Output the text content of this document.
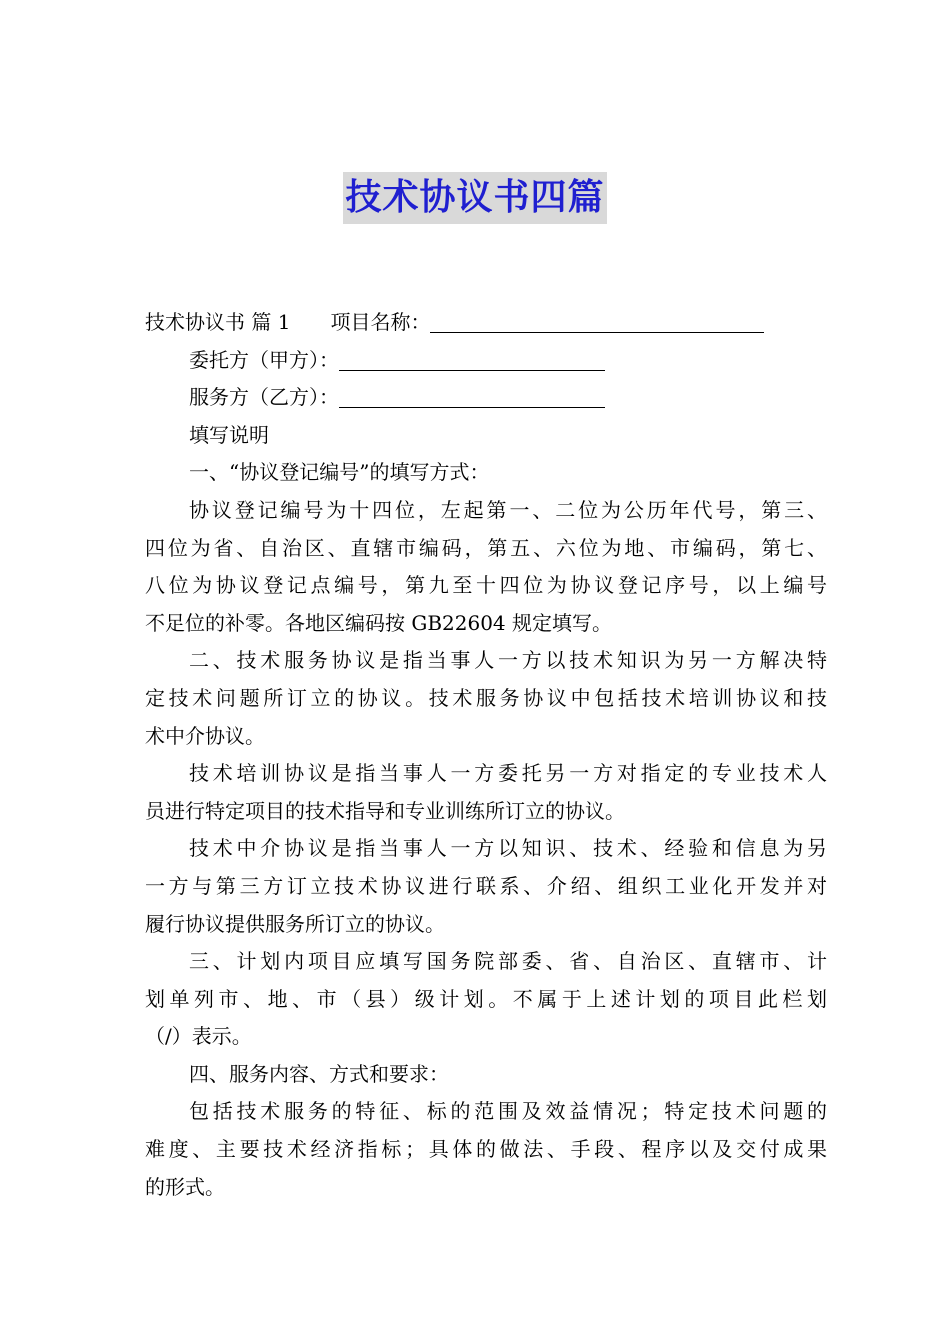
技术协议书四篇
技术协议书 篇 1 项目名称：
委托方（甲方）：
服务方（乙方）：
填写说明
一、“协议登记编号”的填写方式：
协议登记编号为十四位，左起第一、二位为公历年代号，第三、
四位为省、自治区、直辖市编码，第五、六位为地、市编码，第七、
八位为协议登记点编号，第九至十四位为协议登记序号，以上编号
不足位的补零。各地区编码按 GB22604 规定填写。
二、技术服务协议是指当事人一方以技术知识为另一方解决特
定技术问题所订立的协议。技术服务协议中包括技术培训协议和技
术中介协议。
技术培训协议是指当事人一方委托另一方对指定的专业技术人
员进行特定项目的技术指导和专业训练所订立的协议。
技术中介协议是指当事人一方以知识、技术、经验和信息为另
一方与第三方订立技术协议进行联系、介绍、组织工业化开发并对
履行协议提供服务所订立的协议。
三、计划内项目应填写国务院部委、省、自治区、直辖市、计
划单列市、地、市（县）级计划。不属于上述计划的项目此栏划
（/）表示。
四、服务内容、方式和要求：
包括技术服务的特征、标的范围及效益情况；特定技术问题的
难度、主要技术经济指标；具体的做法、手段、程序以及交付成果
的形式。
